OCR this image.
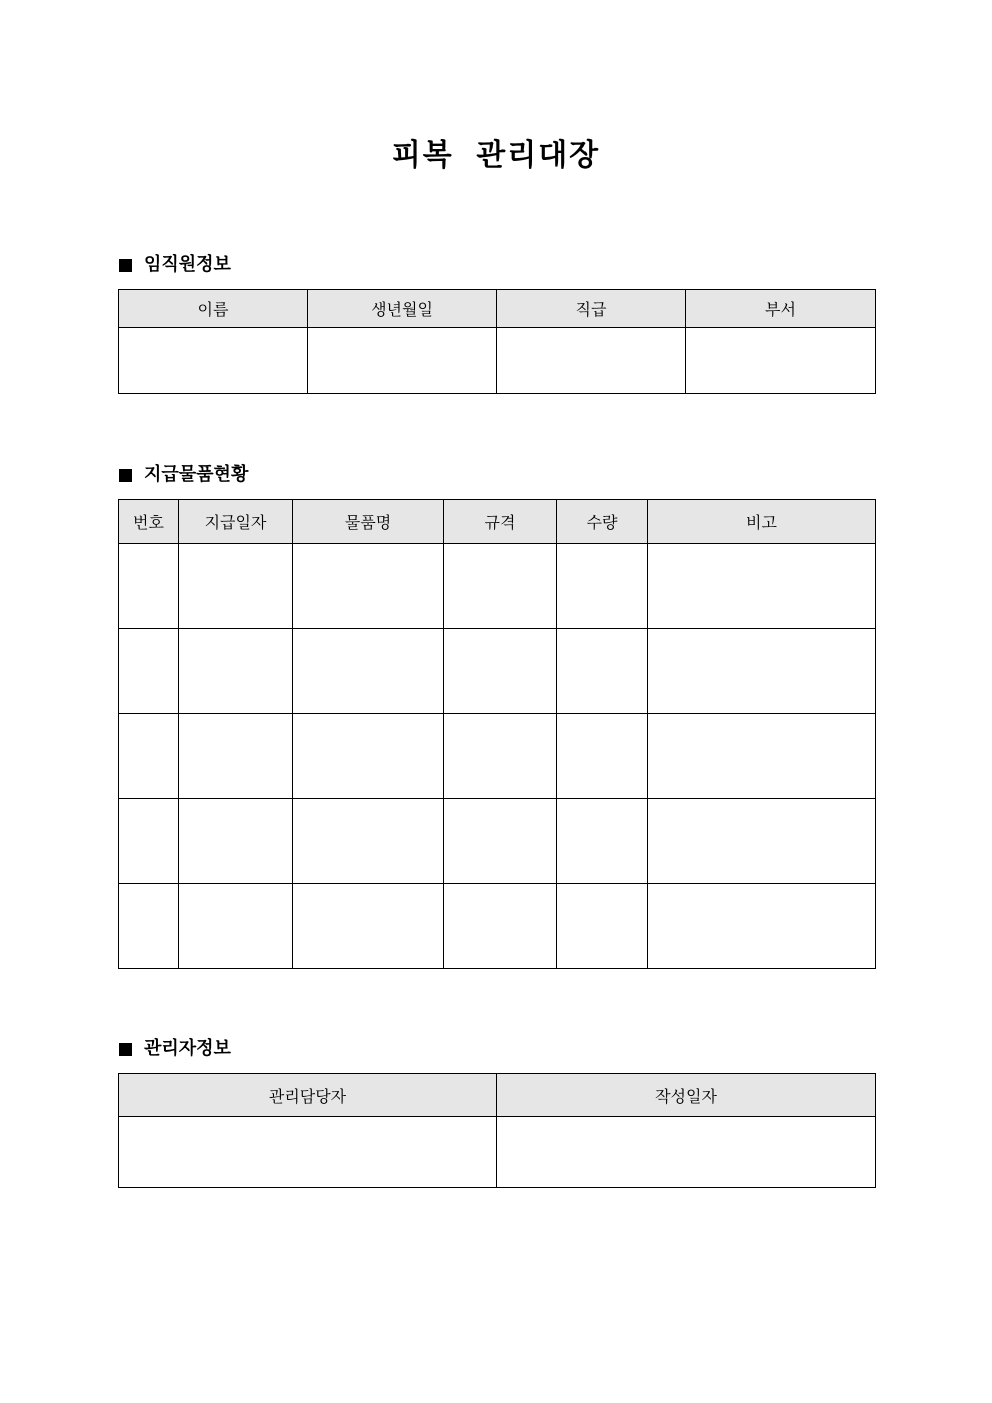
피복 관리대장
임직원정보
이름	생년월일	직급	부서

지급물품현황
번호	지급일자	물품명	규격	수량	비고

관리자정보
관리담당자	작성일자
